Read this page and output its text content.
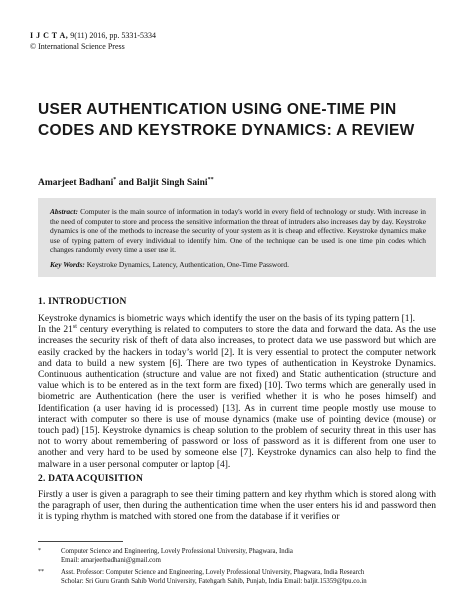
I J C T A, 9(11) 2016, pp. 5331-5334
© International Science Press
USER AUTHENTICATION USING ONE-TIME PIN CODES AND KEYSTROKE DYNAMICS: A REVIEW
Amarjeet Badhani* and Baljit Singh Saini**
Abstract: Computer is the main source of information in today's world in every field of technology or study. With increase in the need of computer to store and process the sensitive information the threat of intruders also increases day by day. Keystroke dynamics is one of the methods to increase the security of your system as it is cheap and effective. Keystroke dynamics make use of typing pattern of every individual to identify him. One of the technique can be used is one time pin codes which changes randomly every time a user use it.
Key Words: Keystroke Dynamics, Latency, Authentication, One-Time Password.
1. INTRODUCTION
Keystroke dynamics is biometric ways which identify the user on the basis of its typing pattern [1].
In the 21st century everything is related to computers to store the data and forward the data. As the use increases the security risk of theft of data also increases, to protect data we use password but which are easily cracked by the hackers in today’s world [2]. It is very essential to protect the computer network and data to build a new system [6]. There are two types of authentication in Keystroke Dynamics. Continuous authentication (structure and value are not fixed) and Static authentication (structure and value which is to be entered as in the text form are fixed) [10]. Two terms which are generally used in biometric are Authentication (here the user is verified whether it is who he poses himself) and Identification (a user having id is processed) [13]. As in current time people mostly use mouse to interact with computer so there is use of mouse dynamics (make use of pointing device (mouse) or touch pad) [15]. Keystroke dynamics is cheap solution to the problem of security threat in this user has not to worry about remembering of password or loss of password as it is different from one user to another and very hard to be used by someone else [7]. Keystroke dynamics can also help to find the malware in a user personal computer or laptop [4].
2. DATA ACQUISITION
Firstly a user is given a paragraph to see their timing pattern and key rhythm which is stored along with the paragraph of user, then during the authentication time when the user enters his id and password then it is typing rhythm is matched with stored one from the database if it verifies or
*	Computer Science and Engineering, Lovely Professional University, Phagwara, India
Email: amarjeetbadhani@gmail.com
**	Asst. Professor: Computer Science and Engineering, Lovely Professional University, Phagwara, India Research
Scholar: Sri Guru Granth Sahib World University, Fatehgarh Sahib, Punjab, India Email: baljit.15359@lpu.co.in
